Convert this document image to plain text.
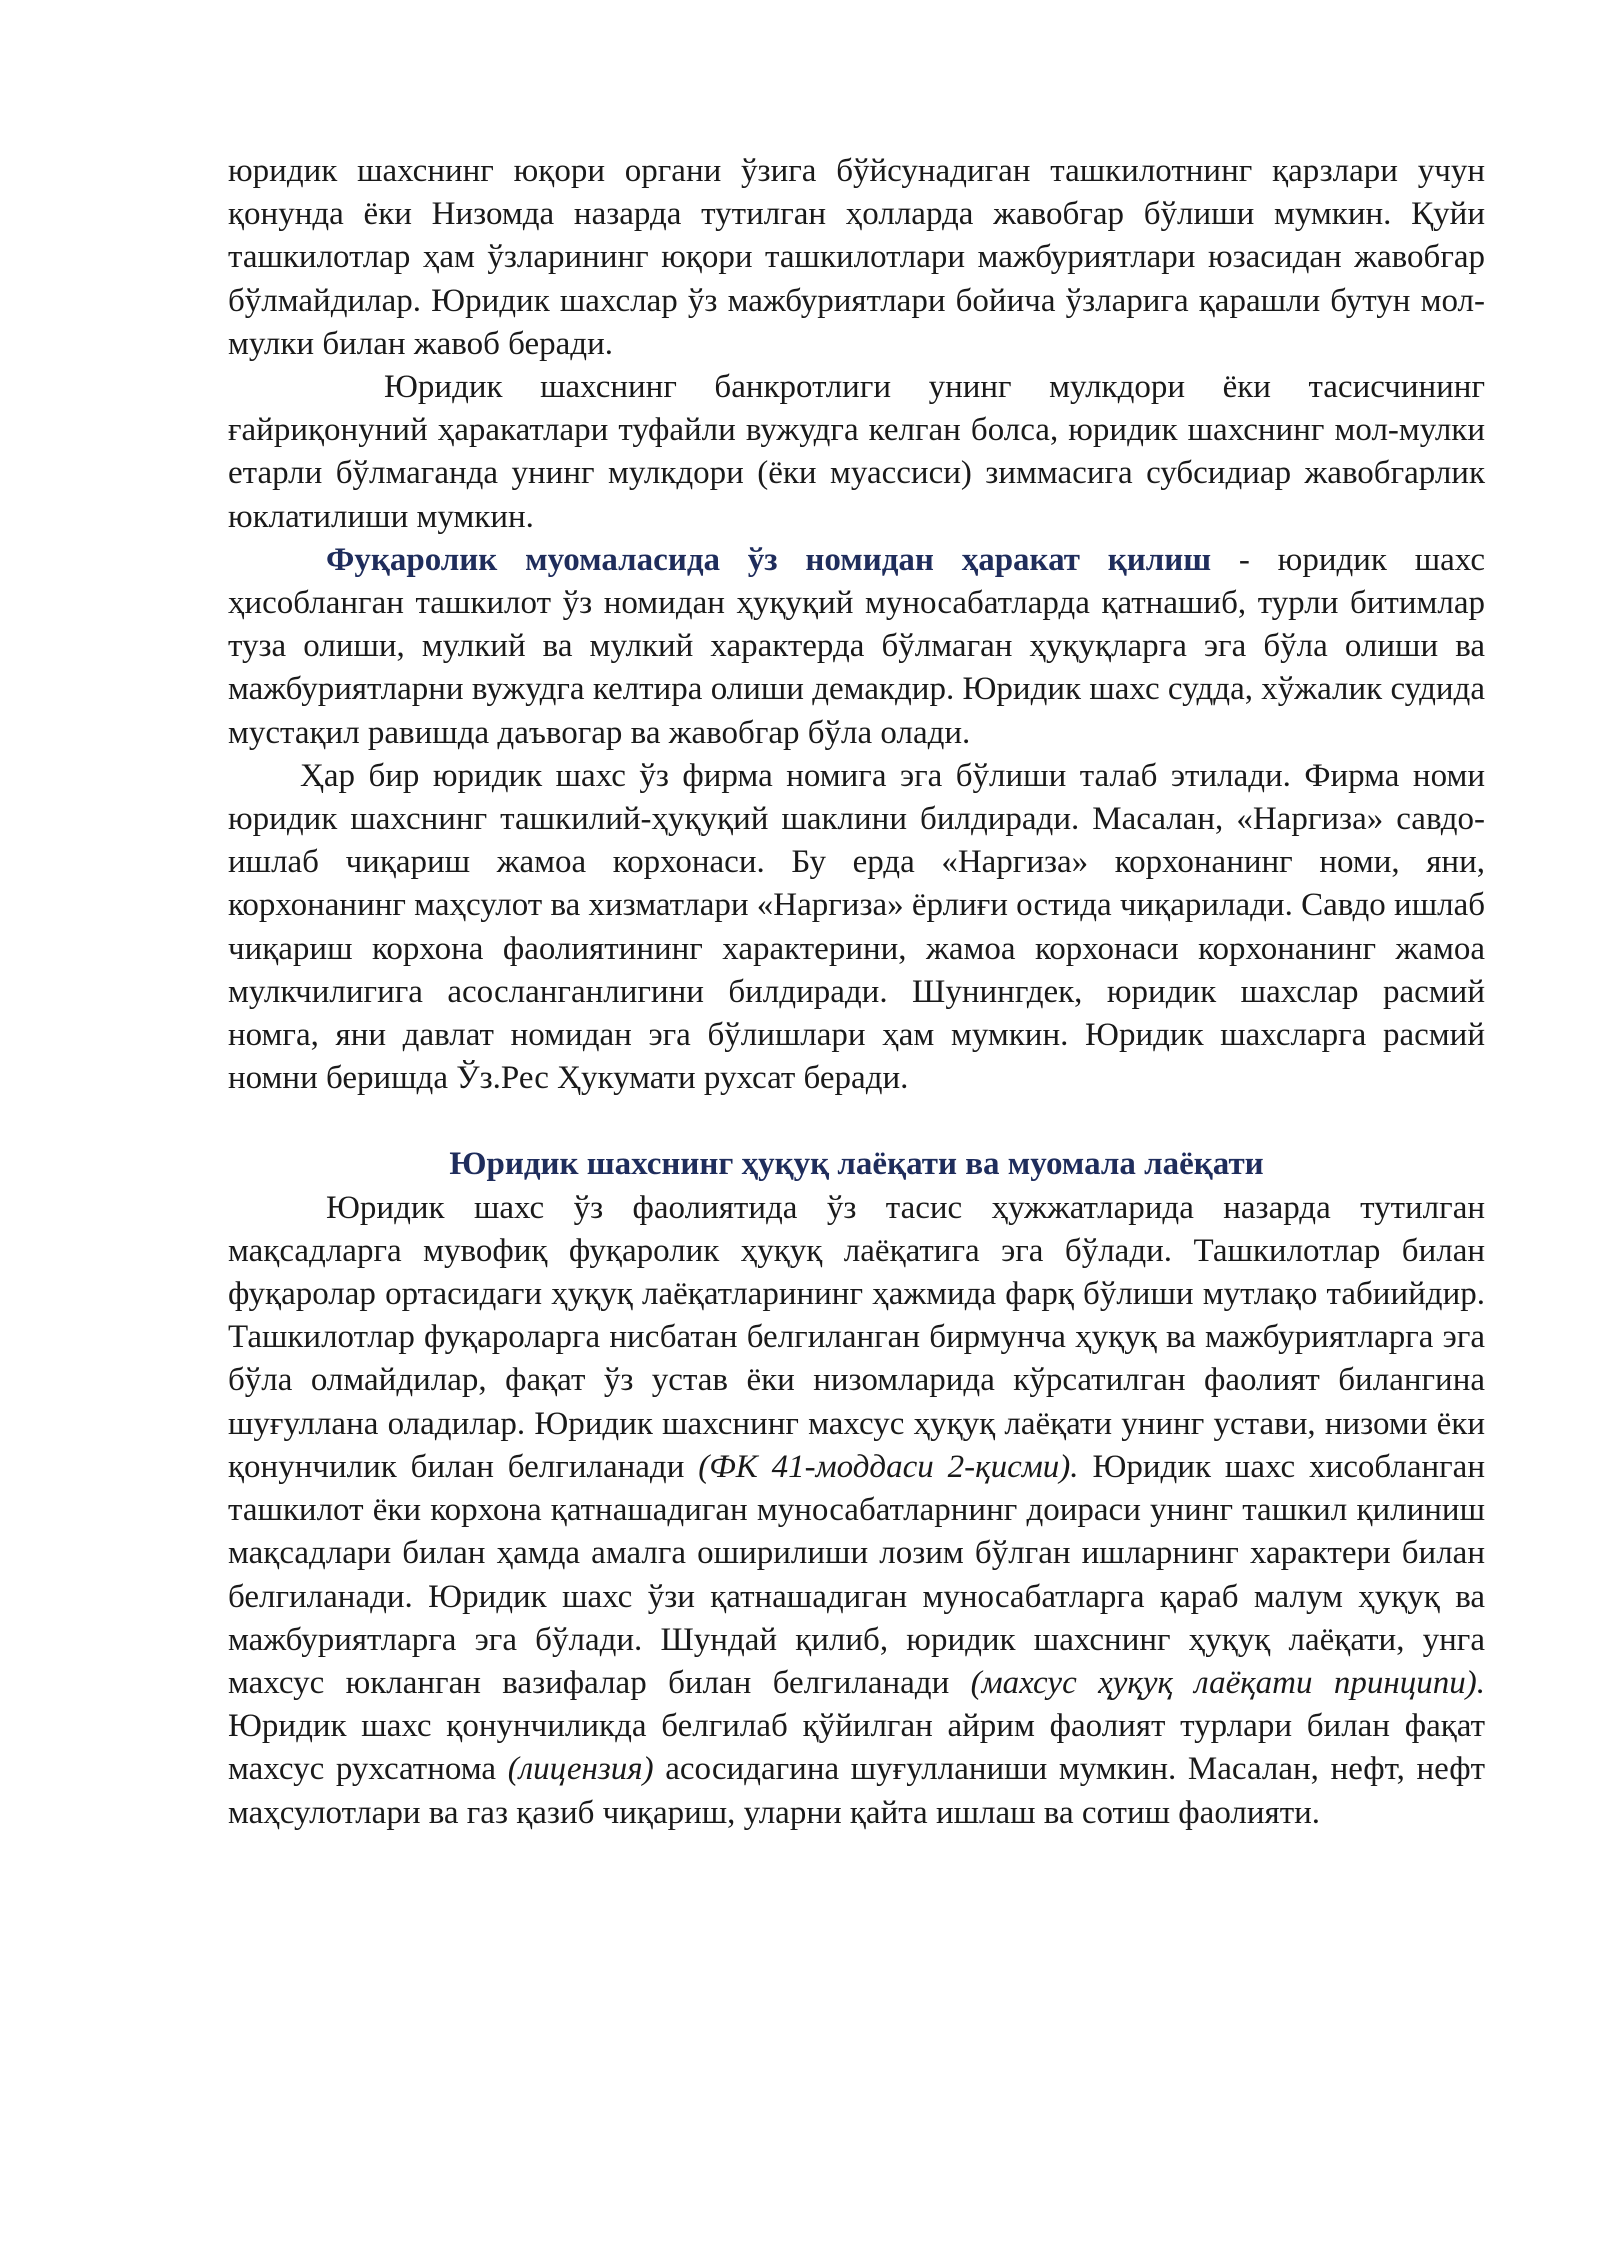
юридик шахснинг юқори органи ўзига бўйсунадиган ташкилотнинг қарзлари учун қонунда ёки Низомда назарда тутилган ҳолларда жавобгар бўлиши мумкин. Қуйи ташкилотлар ҳам ўзларининг юқори ташкилотлари мажбуриятлари юзасидан жавобгар бўлмайдилар. Юридик шахслар ўз мажбуриятлари бойича ўзларига қарашли бутун мол-мулки билан жавоб беради.

Юридик шахснинг банкротлиги унинг мулкдори ёки тасисчининг ғайриқонуний ҳаракатлари туфайли вужудга келган болса, юридик шахснинг мол-мулки етарли бўлмаганда унинг мулкдори (ёки муассиси) зиммасига субсидиар жавобгарлик юклатилиши мумкин.

Фуқаролик муомаласида ўз номидан ҳаракат қилиш - юридик шахс ҳисобланган ташкилот ўз номидан ҳуқуқий муносабатларда қатнашиб, турли битимлар туза олиши, мулкий ва мулкий характерда бўлмаган ҳуқуқларга эга бўла олиши ва мажбуриятларни вужудга келтира олиши демакдир. Юридик шахс судда, хўжалик судида мустақил равишда даъвогар ва жавобгар бўла олади.

Ҳар бир юридик шахс ўз фирма номига эга бўлиши талаб этилади. Фирма номи юридик шахснинг ташкилий-ҳуқуқий шаклини билдиради. Масалан, «Наргиза» савдо-ишлаб чиқариш жамоа корхонаси. Бу ерда «Наргиза» корхонанинг номи, яни, корхонанинг маҳсулот ва хизматлари «Наргиза» ёрлиғи остида чиқарилади. Савдо ишлаб чиқариш корхона фаолиятининг характерини, жамоа корхонаси корхонанинг жамоа мулкчилигига асосланганлигини билдиради. Шунингдек, юридик шахслар расмий номга, яни давлат номидан эга бўлишлари ҳам мумкин. Юридик шахсларга расмий номни беришда Ўз.Рес Ҳукумати рухсат беради.

Юридик шахснинг ҳуқуқ лаёқати ва муомала лаёқати

Юридик шахс ўз фаолиятида ўз тасис ҳужжатларида назарда тутилган мақсадларга мувофиқ фуқаролик ҳуқуқ лаёқатига эга бўлади. Ташкилотлар билан фуқаролар ортасидаги ҳуқуқ лаёқатларининг ҳажмида фарқ бўлиши мутлақо табиийдир. Ташкилотлар фуқароларга нисбатан белгиланган бирмунча ҳуқуқ ва мажбуриятларга эга бўла олмайдилар, фақат ўз устав ёки низомларида кўрсатилган фаолият билангина шуғуллана оладилар. Юридик шахснинг махсус ҳуқуқ лаёқати унинг устави, низоми ёки қонунчилик билан белгиланади (ФК 41-моддаси 2-қисми). Юридик шахс хисобланган ташкилот ёки корхона қатнашадиган муносабатларнинг доираси унинг ташкил қилиниш мақсадлари билан ҳамда амалга оширилиши лозим бўлган ишларнинг характери билан белгиланади. Юридик шахс ўзи қатнашадиган муносабатларга қараб малум ҳуқуқ ва мажбуриятларга эга бўлади. Шундай қилиб, юридик шахснинг ҳуқуқ лаёқати, унга махсус юкланган вазифалар билан белгиланади (махсус ҳуқуқ лаёқати принципи). Юридик шахс қонунчиликда белгилаб қўйилган айрим фаолият турлари билан фақат махсус рухсатнома (лицензия) асосидагина шуғулланиши мумкин. Масалан, нефт, нефт маҳсулотлари ва газ қазиб чиқариш, уларни қайта ишлаш ва сотиш фаолияти.
